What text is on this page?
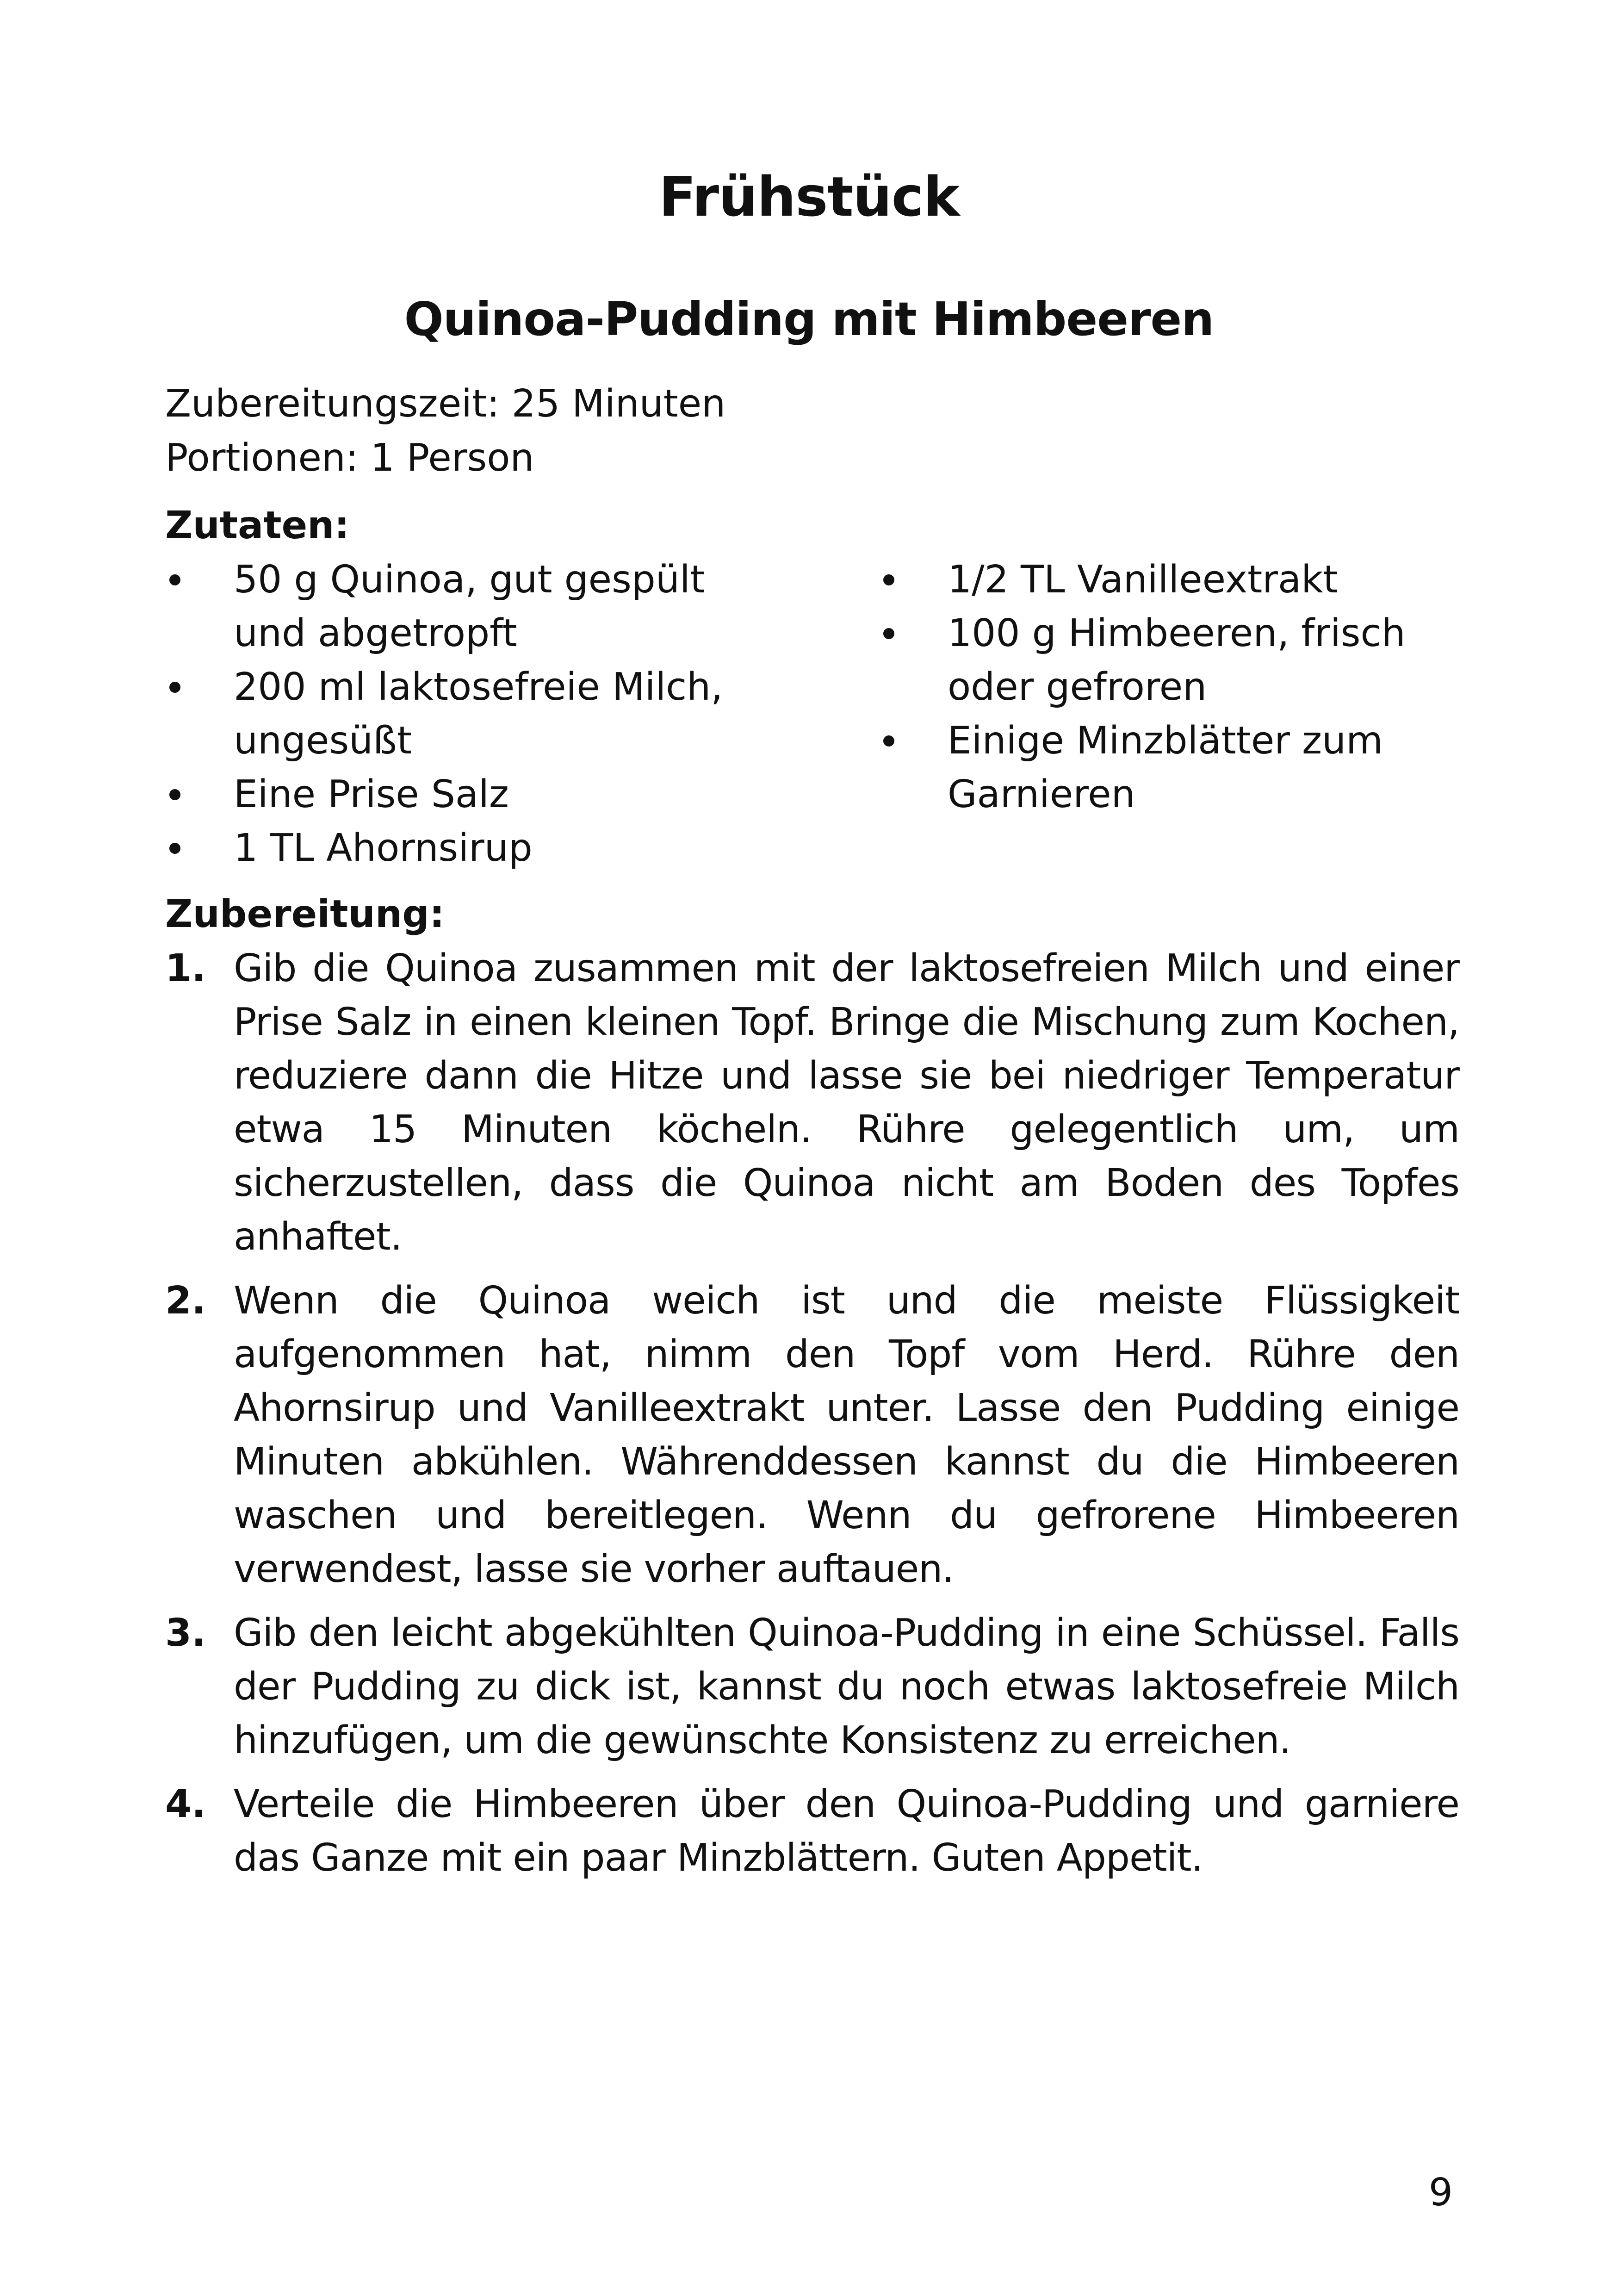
Frühstück
Quinoa-Pudding mit Himbeeren
Zubereitungszeit: 25 Minuten
Portionen: 1 Person
Zutaten:
50 g Quinoa, gut gespült und abgetropft
200 ml laktosefreie Milch, ungesüßt
Eine Prise Salz
1 TL Ahornsirup
1/2 TL Vanilleextrakt
100 g Himbeeren, frisch oder gefroren
Einige Minzblätter zum Garnieren
Zubereitung:
1. Gib die Quinoa zusammen mit der laktosefreien Milch und einer Prise Salz in einen kleinen Topf. Bringe die Mischung zum Kochen, reduziere dann die Hitze und lasse sie bei niedriger Temperatur etwa 15 Minuten köcheln. Rühre gelegentlich um, um sicherzustellen, dass die Quinoa nicht am Boden des Topfes anhaftet.
2. Wenn die Quinoa weich ist und die meiste Flüssigkeit aufgenommen hat, nimm den Topf vom Herd. Rühre den Ahornsirup und Vanilleextrakt unter. Lasse den Pudding einige Minuten abkühlen. Währenddessen kannst du die Himbeeren waschen und bereitlegen. Wenn du gefrorene Himbeeren verwendest, lasse sie vorher auftauen.
3. Gib den leicht abgekühlten Quinoa-Pudding in eine Schüssel. Falls der Pudding zu dick ist, kannst du noch etwas laktosefreie Milch hinzufügen, um die gewünschte Konsistenz zu erreichen.
4. Verteile die Himbeeren über den Quinoa-Pudding und garniere das Ganze mit ein paar Minzblättern. Guten Appetit.
9
